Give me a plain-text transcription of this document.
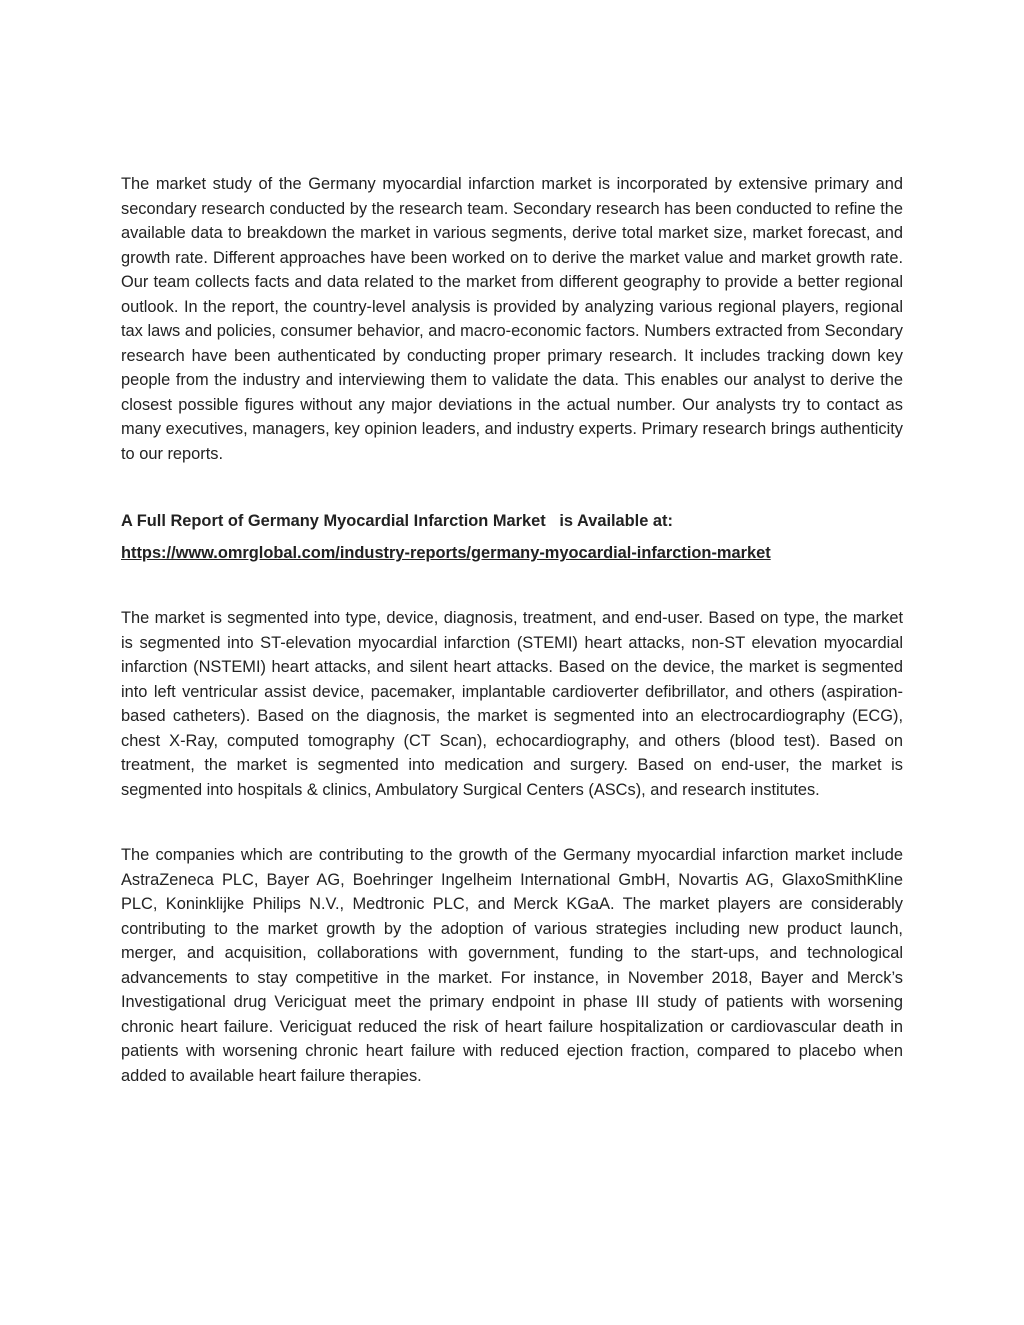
The market study of the Germany myocardial infarction market is incorporated by extensive primary and secondary research conducted by the research team. Secondary research has been conducted to refine the available data to breakdown the market in various segments, derive total market size, market forecast, and growth rate. Different approaches have been worked on to derive the market value and market growth rate. Our team collects facts and data related to the market from different geography to provide a better regional outlook. In the report, the country-level analysis is provided by analyzing various regional players, regional tax laws and policies, consumer behavior, and macro-economic factors. Numbers extracted from Secondary research have been authenticated by conducting proper primary research. It includes tracking down key people from the industry and interviewing them to validate the data. This enables our analyst to derive the closest possible figures without any major deviations in the actual number. Our analysts try to contact as many executives, managers, key opinion leaders, and industry experts. Primary research brings authenticity to our reports.

A Full Report of Germany Myocardial Infarction Market   is Available at:

https://www.omrglobal.com/industry-reports/germany-myocardial-infarction-market

The market is segmented into type, device, diagnosis, treatment, and end-user. Based on type, the market is segmented into ST-elevation myocardial infarction (STEMI) heart attacks, non-ST elevation myocardial infarction (NSTEMI) heart attacks, and silent heart attacks. Based on the device, the market is segmented into left ventricular assist device, pacemaker, implantable cardioverter defibrillator, and others (aspiration-based catheters). Based on the diagnosis, the market is segmented into an electrocardiography (ECG), chest X-Ray, computed tomography (CT Scan), echocardiography, and others (blood test). Based on treatment, the market is segmented into medication and surgery. Based on end-user, the market is segmented into hospitals & clinics, Ambulatory Surgical Centers (ASCs), and research institutes.

The companies which are contributing to the growth of the Germany myocardial infarction market include AstraZeneca PLC, Bayer AG, Boehringer Ingelheim International GmbH, Novartis AG, GlaxoSmithKline PLC, Koninklijke Philips N.V., Medtronic PLC, and Merck KGaA. The market players are considerably contributing to the market growth by the adoption of various strategies including new product launch, merger, and acquisition, collaborations with government, funding to the start-ups, and technological advancements to stay competitive in the market. For instance, in November 2018, Bayer and Merck’s Investigational drug Vericiguat meet the primary endpoint in phase III study of patients with worsening chronic heart failure. Vericiguat reduced the risk of heart failure hospitalization or cardiovascular death in patients with worsening chronic heart failure with reduced ejection fraction, compared to placebo when added to available heart failure therapies.
